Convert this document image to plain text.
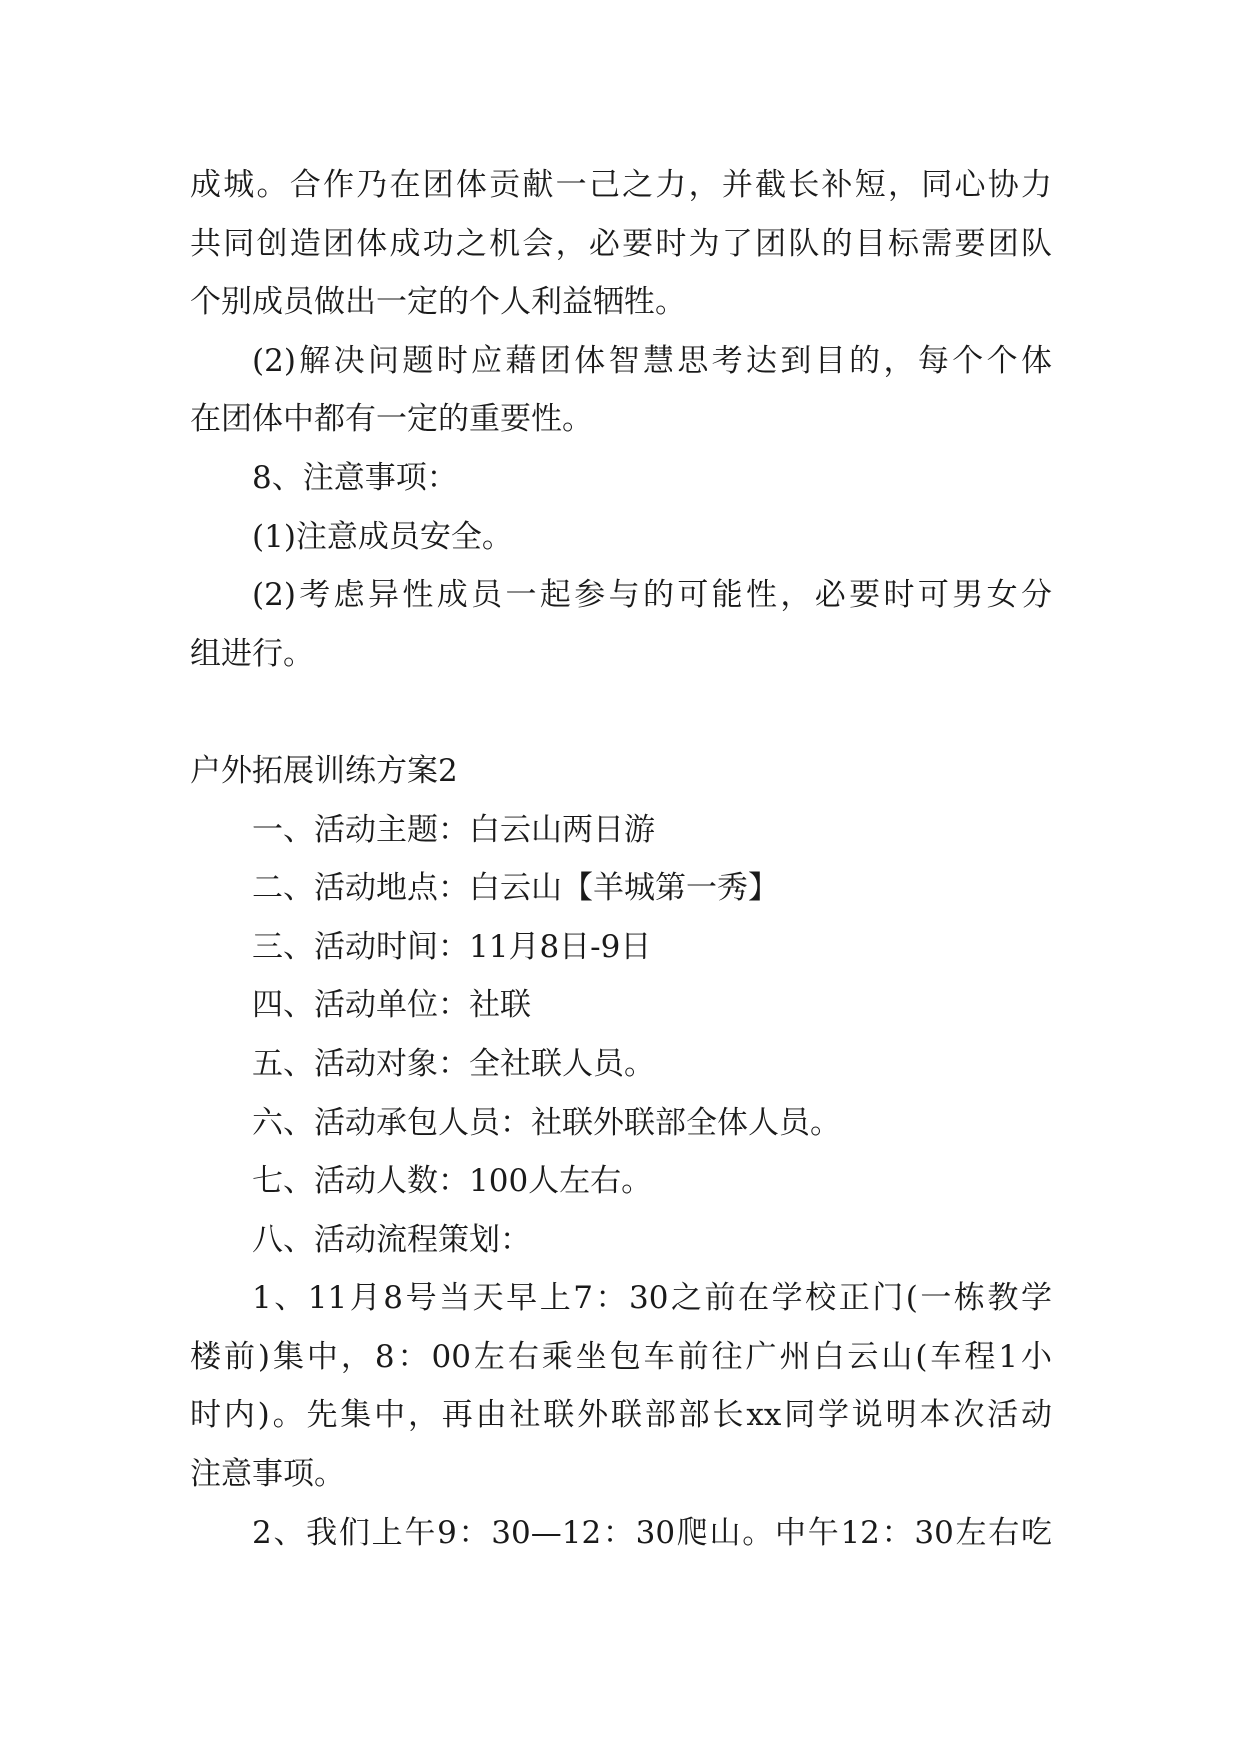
成城。合作乃在团体贡献一己之力，并截长补短，同心协力
共同创造团体成功之机会，必要时为了团队的目标需要团队
个别成员做出一定的个人利益牺牲。
(2)解决问题时应藉团体智慧思考达到目的，每个个体
在团体中都有一定的重要性。
8、注意事项：
(1)注意成员安全。
(2)考虑异性成员一起参与的可能性，必要时可男女分
组进行。
户外拓展训练方案2
一、活动主题：白云山两日游
二、活动地点：白云山【羊城第一秀】
三、活动时间：11月8日-9日
四、活动单位：社联
五、活动对象：全社联人员。
六、活动承包人员：社联外联部全体人员。
七、活动人数：100人左右。
八、活动流程策划：
1、11月8号当天早上7：30之前在学校正门(一栋教学
楼前)集中，8：00左右乘坐包车前往广州白云山(车程1小
时内)。先集中，再由社联外联部部长xx同学说明本次活动
注意事项。
2、我们上午9：30—12：30爬山。中午12：30左右吃
